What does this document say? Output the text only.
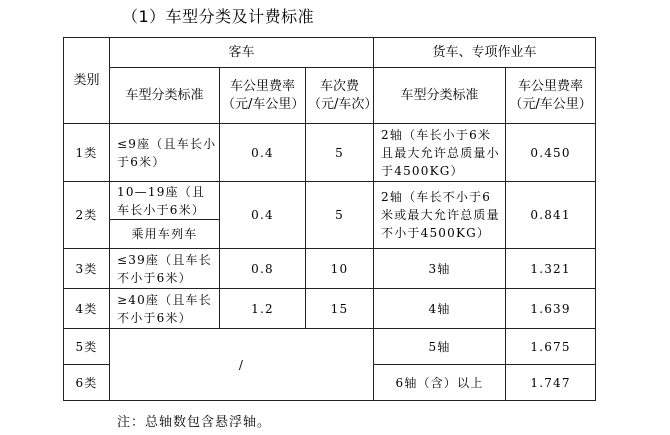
（1）车型分类及计费标准
类别	客车			货车、专项作业车	
	车型分类标准	车公里费率（元/车公里）	车次费（元/车次）	车型分类标准	车公里费率（元/车公里）
1类	≤9座（且车长小于6米）	0.4	5	2轴（车长小于6米且最大允许总质量小于4500KG）	0.450
2类	10—19座（且车长小于6米）	0.4	5	2轴（车长不小于6米或最大允许总质量不小于4500KG）	0.841
	乘用车列车				
3类	≤39座（且车长不小于6米）	0.8	10	3轴	1.321
4类	≥40座（且车长不小于6米）	1.2	15	4轴	1.639
5类	/			5轴	1.675
6类				6轴（含）以上	1.747
注：总轴数包含悬浮轴。
